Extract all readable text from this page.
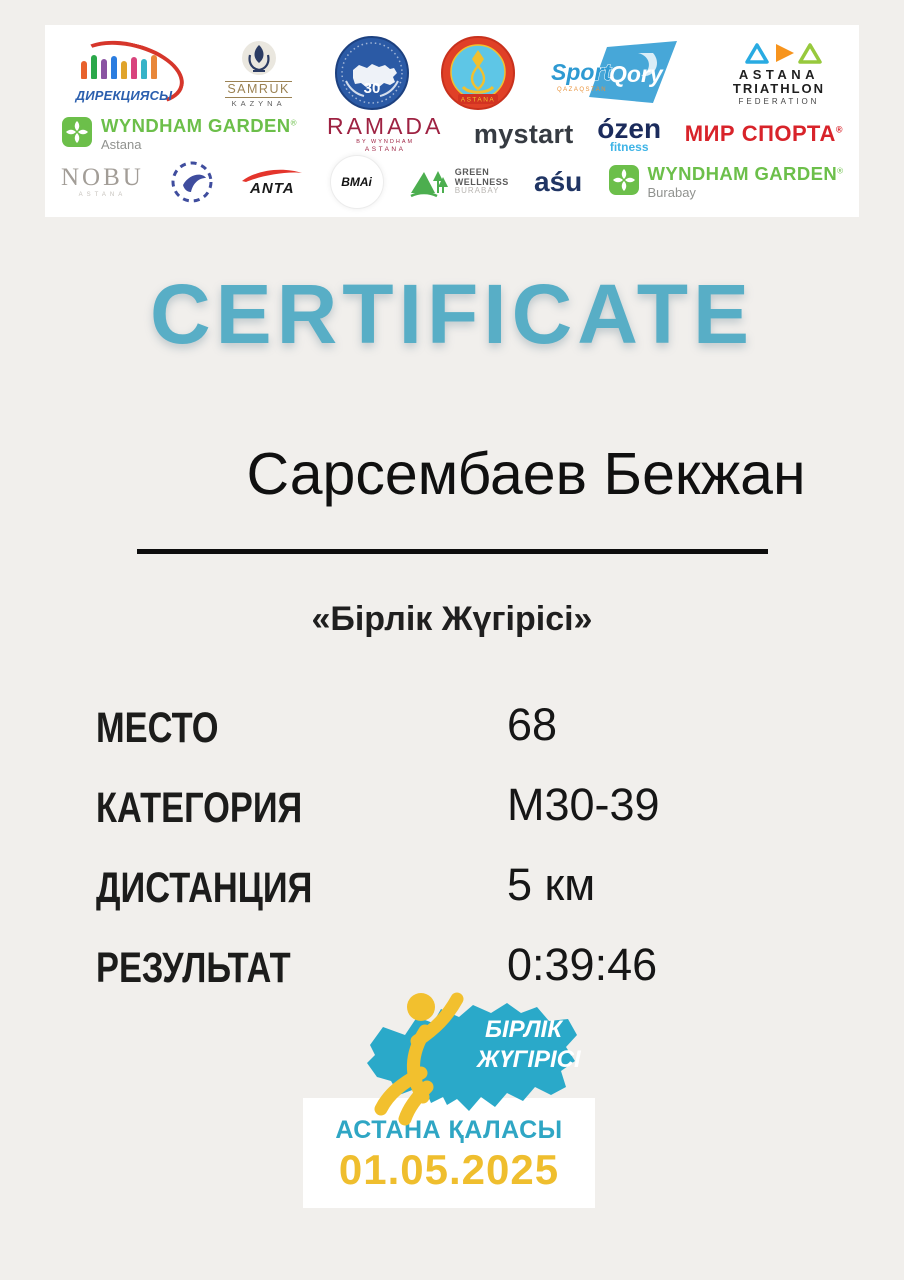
ДИРЕКЦИЯСЫ	SAMRUK
KAZYNA
30
ASTANA
Sport
Qory
QAZAQSTAN
ASTANA
TRIATHLON
FEDERATION
WYNDHAM GARDEN®
Astana
RAMADA
BY WYNDHAM
ASTANA
mystart ózen
fitness
МИР СПОРТА®
NOBU
ASTANA	ANTA	BMAi
GREEN
WELLNESS
BURABAY	aśu	WYNDHAM GARDEN®
Burabay
CERTIFICATE
Сарсембаев Бекжан
«Бірлік Жүгірісі»
МЕСТО	68
КАТЕГОРИЯ	М30-39
ДИСТАНЦИЯ	5 км
РЕЗУЛЬТАТ	0:39:46
АСТАНА ҚАЛАСЫ
01.05.2025
БІРЛІК
ЖҮГІРІСІ
